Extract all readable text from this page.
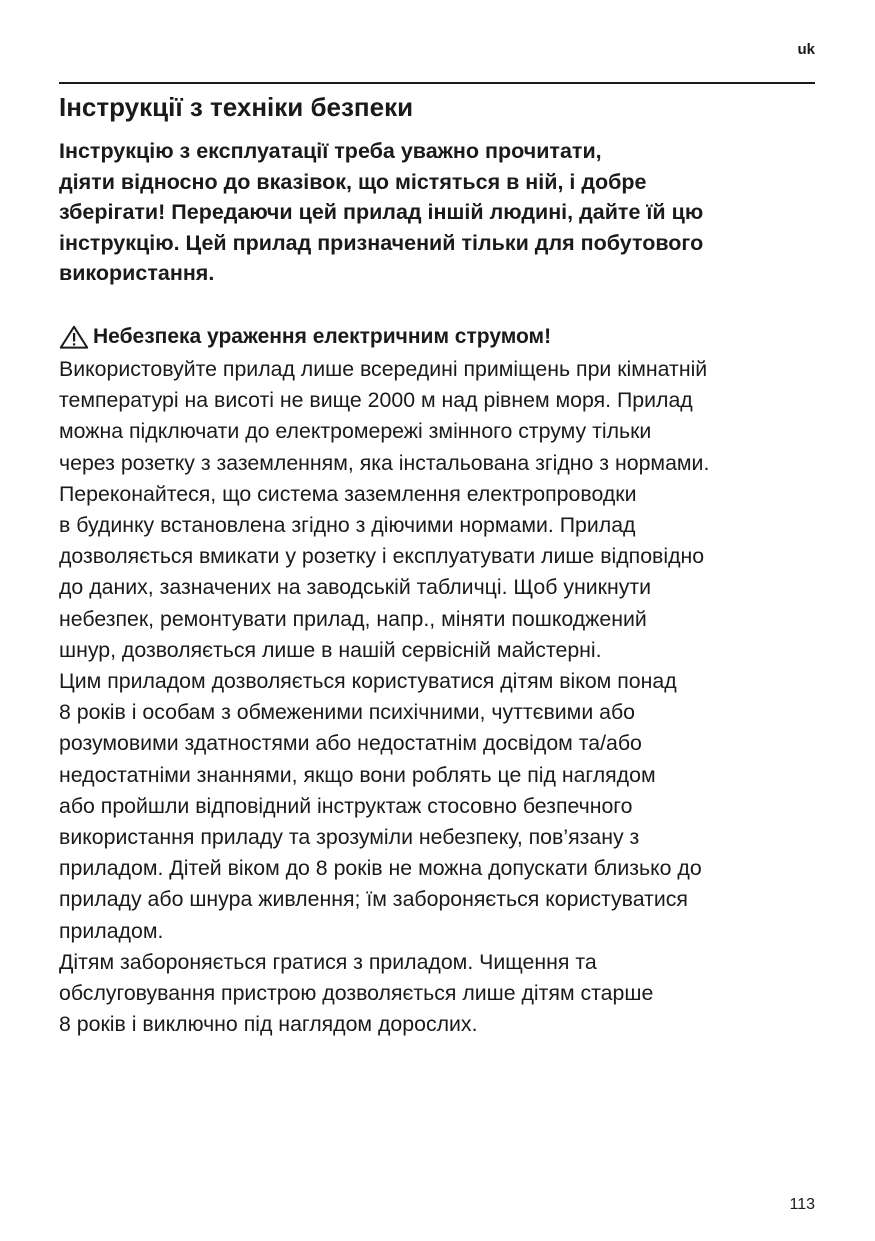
uk
Інструкції з техніки безпеки

Інструкцію з експлуатації треба уважно прочитати,
діяти відносно до вказівок, що містяться в ній, і добре
зберігати! Передаючи цей прилад іншій людині, дайте їй цю
інструкцію. Цей прилад призначений тільки для побутового
використання.

Небезпека ураження електричним струмом!

Використовуйте прилад лише всередині приміщень при кімнатній
температурі на висоті не вище 2000 м над рівнем моря. Прилад
можна підключати до електромережі змінного струму тільки
через розетку з заземленням, яка інстальована згідно з нормами.
Переконайтеся, що система заземлення електропроводки
в будинку встановлена згідно з діючими нормами. Прилад
дозволяється вмикати у розетку і експлуатувати лише відповідно
до даних, зазначених на заводській табличці. Щоб уникнути
небезпек, ремонтувати прилад, напр., міняти пошкоджений
шнур, дозволяється лише в нашій сервісній майстерні.
Цим приладом дозволяється користуватися дітям віком понад
8 років і особам з обмеженими психічними, чуттєвими або
розумовими здатностями або недостатнім досвідом та/або
недостатніми знаннями, якщо вони роблять це під наглядом
або пройшли відповідний інструктаж стосовно безпечного
використання приладу та зрозуміли небезпеку, пов’язану з
приладом. Дітей віком до 8 років не можна допускати близько до
приладу або шнура живлення; їм забороняється користуватися
приладом.
Дітям забороняється гратися з приладом. Чищення та
обслуговування пристрою дозволяється лише дітям старше
8 років і виключно під наглядом дорослих.

113
